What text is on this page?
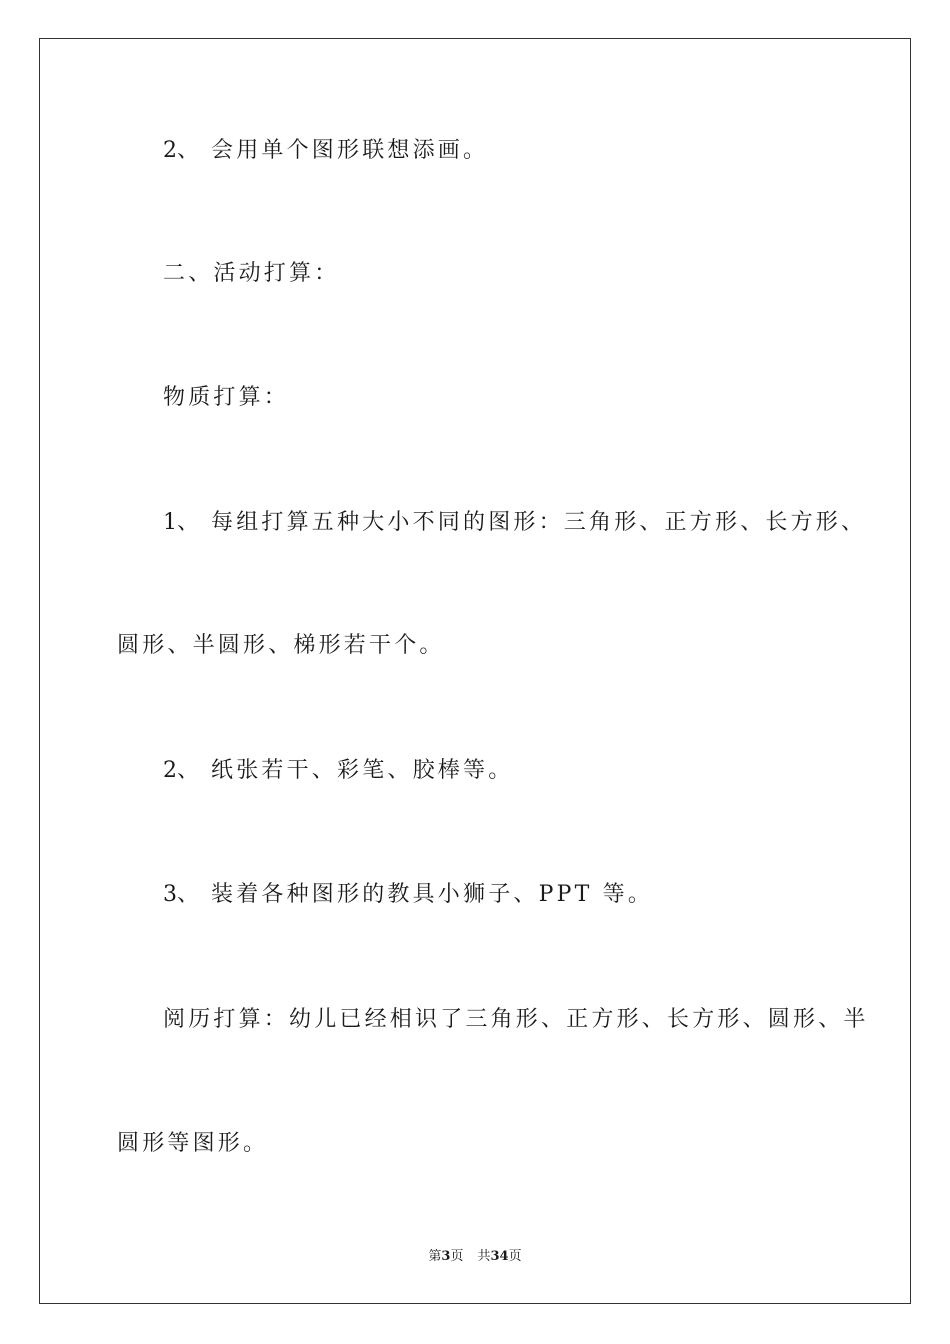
2、 会用单个图形联想添画。

二、活动打算：

物质打算：

1、 每组打算五种大小不同的图形：三角形、正方形、长方形、

圆形、半圆形、梯形若干个。

2、 纸张若干、彩笔、胶棒等。

3、 装着各种图形的教具小狮子、PPT 等。

阅历打算：幼儿已经相识了三角形、正方形、长方形、圆形、半

圆形等图形。

第3页 共34页
